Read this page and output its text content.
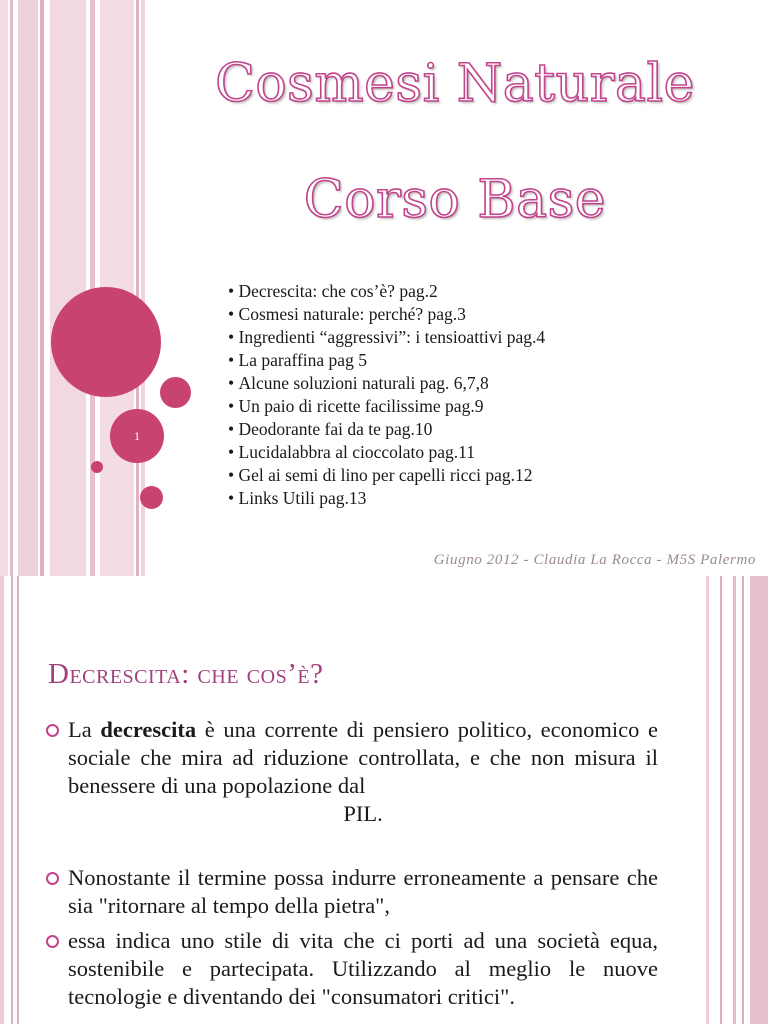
1
Cosmesi Naturale
Corso Base
• Decrescita: che cos’è? pag.2
• Cosmesi naturale: perché? pag.3
• Ingredienti “aggressivi”: i tensioattivi pag.4
• La paraffina pag 5
• Alcune soluzioni naturali pag. 6,7,8
• Un paio di ricette facilissime pag.9
• Deodorante fai da te pag.10
• Lucidalabbra al cioccolato pag.11
• Gel ai semi di lino per capelli ricci pag.12
• Links Utili pag.13
Giugno 2012 - Claudia La Rocca - M5S Palermo
Decrescita: che cos’è?
La decrescita è una corrente di pensiero politico, economico e sociale che mira ad riduzione controllata, e che non misura il benessere di una popolazione dal
PIL.
Nonostante il termine possa indurre erroneamente a pensare che sia "ritornare al tempo della pietra",
essa indica uno stile di vita che ci porti ad una società equa, sostenibile e partecipata. Utilizzando al meglio le nuove tecnologie e diventando dei "consumatori critici".
